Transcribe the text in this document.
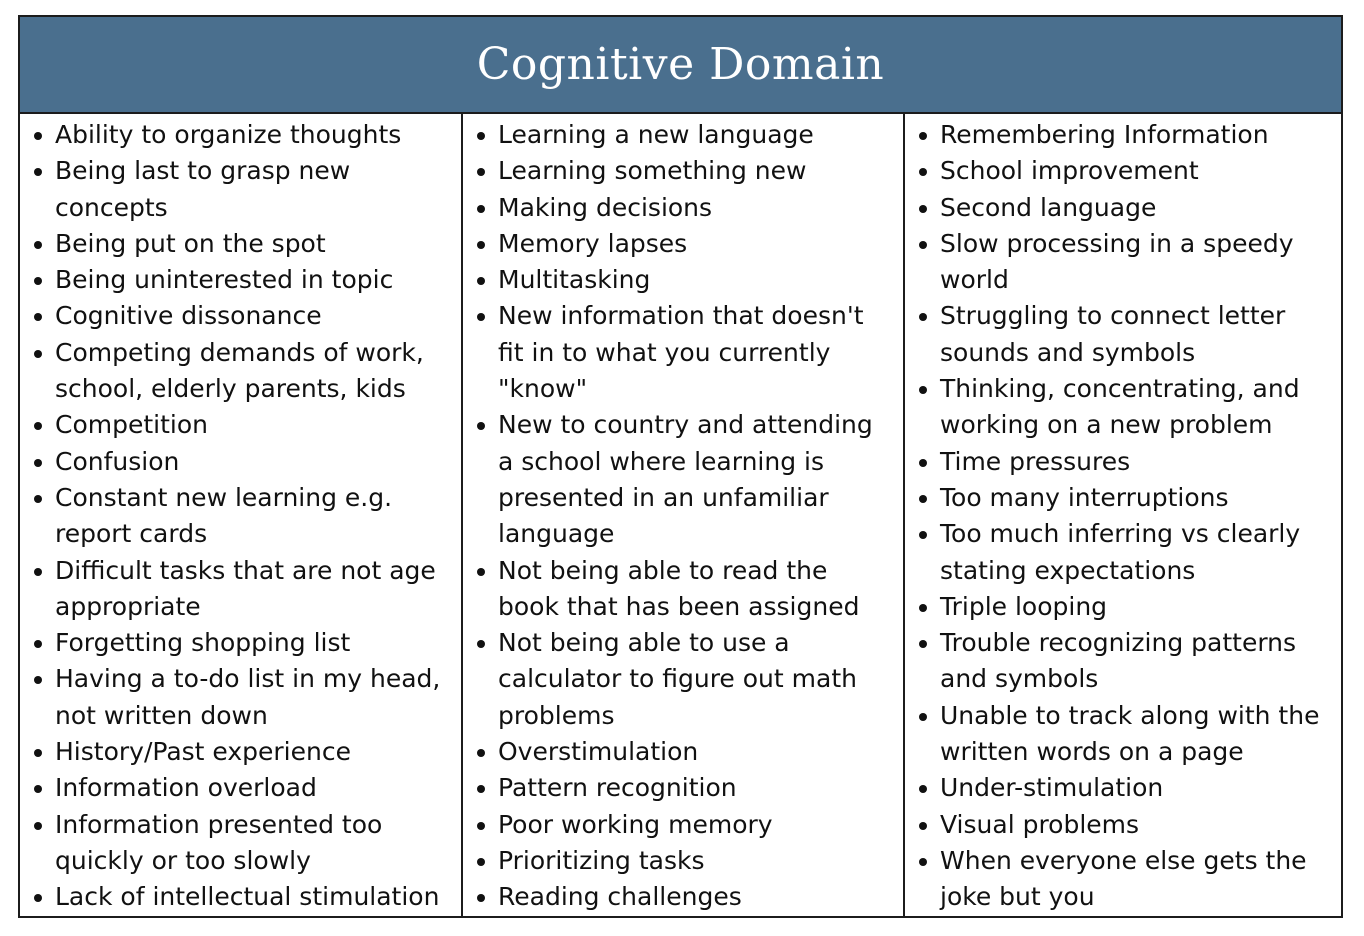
Cognitive Domain
Ability to organize thoughts
Being last to grasp new concepts
Being put on the spot
Being uninterested in topic
Cognitive dissonance
Competing demands of work, school, elderly parents, kids
Competition
Confusion
Constant new learning e.g. report cards
Difficult tasks that are not age appropriate
Forgetting shopping list
Having a to-do list in my head, not written down
History/Past experience
Information overload
Information presented too quickly or too slowly
Lack of intellectual stimulation
Learning a new language
Learning something new
Making decisions
Memory lapses
Multitasking
New information that doesn't fit in to what you currently "know"
New to country and attending a school where learning is presented in an unfamiliar language
Not being able to read the book that has been assigned
Not being able to use a calculator to figure out math problems
Overstimulation
Pattern recognition
Poor working memory
Prioritizing tasks
Reading challenges
Remembering Information
School improvement
Second language
Slow processing in a speedy world
Struggling to connect letter sounds and symbols
Thinking, concentrating, and working on a new problem
Time pressures
Too many interruptions
Too much inferring vs clearly stating expectations
Triple looping
Trouble recognizing patterns and symbols
Unable to track along with the written words on a page
Under-stimulation
Visual problems
When everyone else gets the joke but you
